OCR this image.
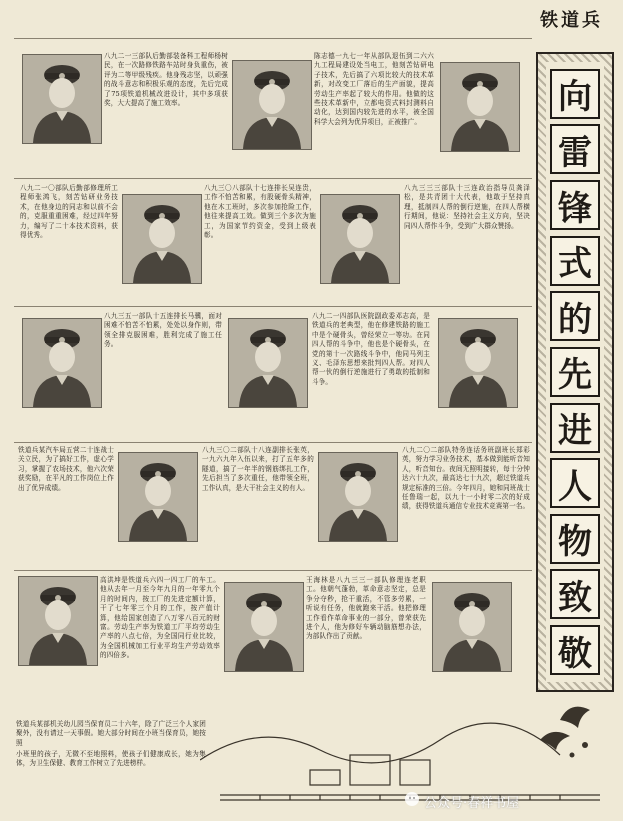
铁道兵
向
雷
锋
式
的
先
进
人
物
致
敬
八九二一三部队后勤部装备科工程师杨树民，在一次路修铁路车站时身负重伤，被评为二等甲级残疾。他身残志坚，以顽强的战斗意志和积极乐观的态度，先后完成了75项铁道机械改进设计，其中多项获奖，大大提高了施工效率。
陈志德一九七一年从部队退伍到二六六九工程局建设处当电工，他刻苦钻研电子技术，先后搞了六项比较大的技术革新，对改变工厂落后的生产面貌，提高劳动生产率起了较大的作用。他做的这些技术革新中，立都电资式料封测料自动化，达到国内较先进的水平，被全国科学大会列为优异项目，正被推广。
八九二一〇部队后勤部修理所工程师张鸿飞，刻苦钻研业务技术，在他身边的同志和以前不会的，克服重重困难，经过四年努力，编写了二十本技术资料，获得优秀。
八九三〇八部队十七连排长吴连贵，工作不怕苦和累，有股硬骨头精神，他在木工班时，多次参加抢险工作，他往来提高工效。做到三个多次为施工，为国家节约资金，受到上级表彰。
八九三三三部队十三连政治指导员龚泽松，是共青团十大代表，他敢于坚持真理，抵制四人帮的倒行逆施，在四人帮横行期间，他说：坚持社会主义方向，坚决同四人帮作斗争，受到广大群众赞扬。
八九三五一部队十五连排长马骥，面对困难不怕苦不怕累，处处以身作则，带领全排克服困难，胜利完成了施工任务。
八九二一四部队医院副政委邓志高，是铁道兵的老典型，他在修建铁路的施工中是个硬骨头，曾经荣立一等功。在同四人帮的斗争中，他也是个硬骨头，在党的第十一次路线斗争中，他同马列主义、毛泽东思想来批判四人帮。对四人帮一伙的倒行逆施进行了勇敢的抵制和斗争。
铁道兵某汽车局五营二十连战士关立民，为了搞好工作，虚心学习，掌握了农场技术，他六次荣获奖励，在平凡的工作岗位上作出了优异成绩。
八九三〇二部队十八连副排长张英，一九六九年入伍以来，打了五年多的隧道，搞了一年半的钢筋绑扎工作，先后担当了多次重任，他带领全班，工作认真，是大干社会主义的有人。
八九二〇二部队特务连话务班副班长郑彩英，努力学习业务技术，基本做到能听音知人，听音知台。夜间无照明接转，每十分钟达六十九次，最高达七十九次，超过铁道兵规定标准的三倍。今年四月，她和同班战士任鲁瑞一起，以九十一小时零二次的好成绩，获得铁道兵通信专业技术竞赛第一名。
高洪坤是铁道兵六四一四工厂的车工。他从去年一月至今年九月的一年零九个月的时间内，按工厂的先进定额计算，干了七年零三个月的工作，按产值计算，他给国家创造了八万零八百元的财富。劳动生产率为铁道工厂平均劳动生产率的八点七倍，为全国同行业比较，为全国机械加工行业平均生产劳动效率的四倍多。
王海林是八九三三一部队修理连老职工。他朝气蓬勃，革命意志坚定，总是争分夺秒，抢干重活，不管多劳累，一听说有任务，他就跑来干活。他把修理工作看作革命事业的一部分，曾荣获先进个人，他为修好车辆动脑筋想办法，为部队作出了贡献。
铁道兵某部机关幼儿园当保育员二十六年，除了广泛三个人家团聚外，没有请过一天事假。她大部分时间在小班当保育员，她按照
小班里的孩子，无微不至地照料，使孩子们健康成长，她为集体，为卫生保健、教育工作树立了先进榜样。
公众号·春祥书屋
